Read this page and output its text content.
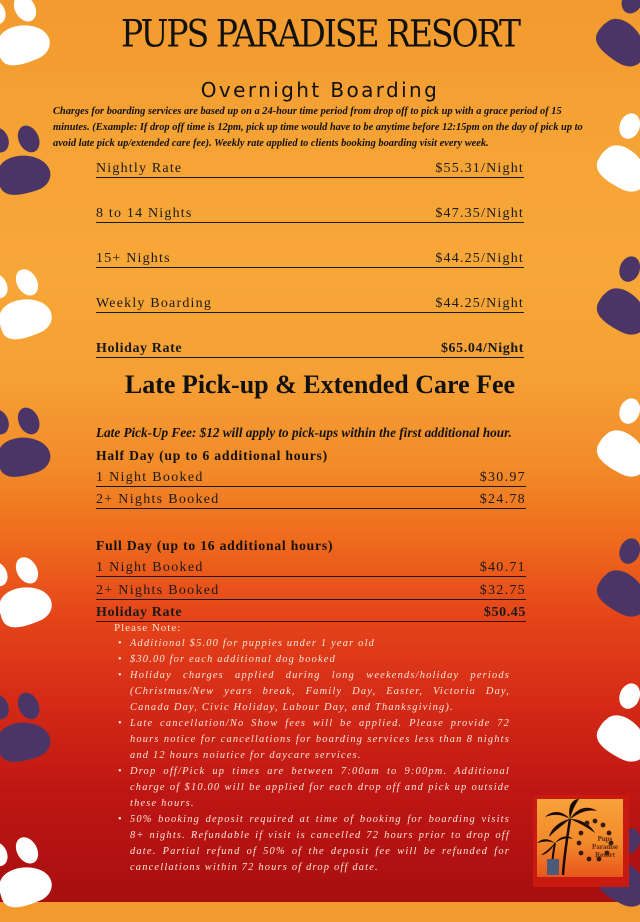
PUPS PARADISE RESORT
Overnight Boarding
Charges for boarding services are based up on a 24-hour time period from drop off to pick up with a grace period of 15 minutes. (Example: If drop off time is 12pm, pick up time would have to be anytime before 12:15pm on the day of pick up to avoid late pick up/extended care fee). Weekly rate applied to clients booking boarding visit every week.
Nightly Rate	$55.31/Night
8 to 14 Nights	$47.35/Night
15+ Nights	$44.25/Night
Weekly Boarding	$44.25/Night
Holiday Rate	$65.04/Night
Late Pick-up & Extended Care Fee
Late Pick-Up Fee: $12 will apply to pick-ups within the first additional hour.
Half Day (up to 6 additional hours)
1 Night Booked	$30.97
2+ Nights Booked	$24.78
Full Day (up to 16 additional hours)
1 Night Booked	$40.71
2+ Nights Booked	$32.75
Holiday Rate	$50.45
Please Note:
• Additional $5.00 for puppies under 1 year old
• $30.00 for each additional dog booked
• Holiday charges applied during long weekends/holiday periods (Christmas/New years break, Family Day, Easter, Victoria Day, Canada Day, Civic Holiday, Labour Day, and Thanksgiving).
• Late cancellation/No Show fees will be applied. Please provide 72 hours notice for cancellations for boarding services less than 8 nights and 12 hours noiutice for daycare services.
• Drop off/Pick up times are between 7:00am to 9:00pm. Additional charge of $10.00 will be applied for each drop off and pick up outside these hours.
• 50% booking deposit required at time of booking for boarding visits 8+ nights. Refundable if visit is cancelled 72 hours prior to drop off date. Partial refund of 50% of the deposit fee will be refunded for cancellations within 72 hours of drop off date.
Pups
Paradise
Resort
